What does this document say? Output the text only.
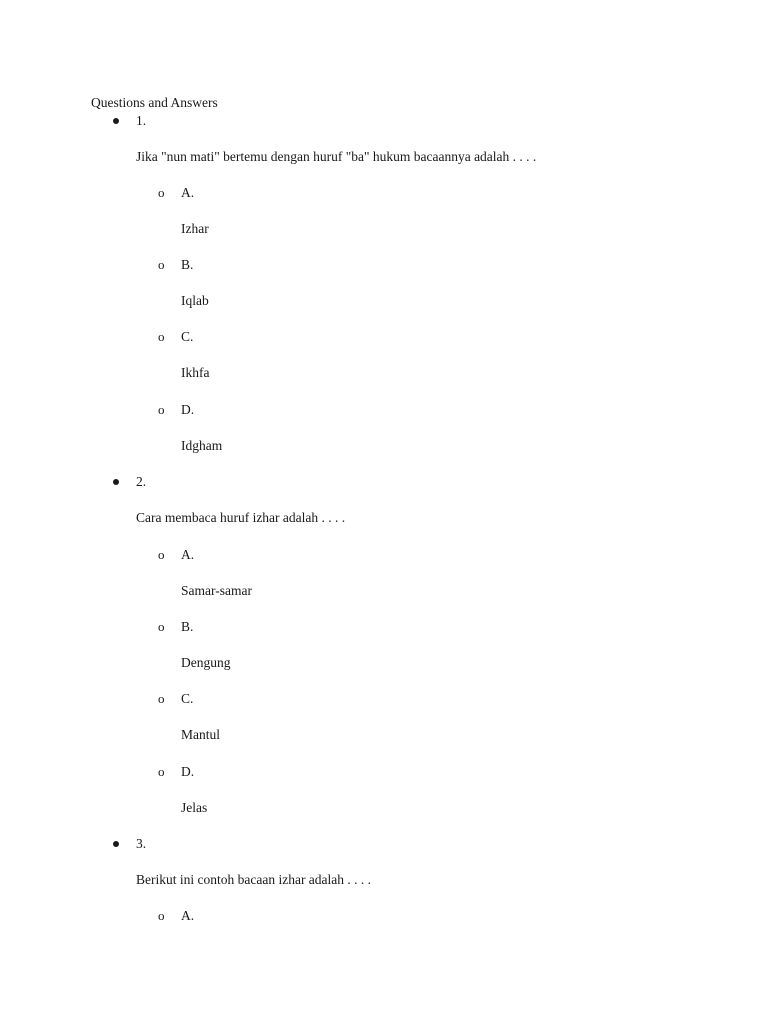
Questions and Answers
1.
Jika "nun mati" bertemu dengan huruf "ba" hukum bacaannya adalah . . . .
o A.
Izhar
o B.
Iqlab
o C.
Ikhfa
o D.
Idgham
2.
Cara membaca huruf izhar adalah . . . .
o A.
Samar-samar
o B.
Dengung
o C.
Mantul
o D.
Jelas
3.
Berikut ini contoh bacaan izhar adalah . . . .
o A.
